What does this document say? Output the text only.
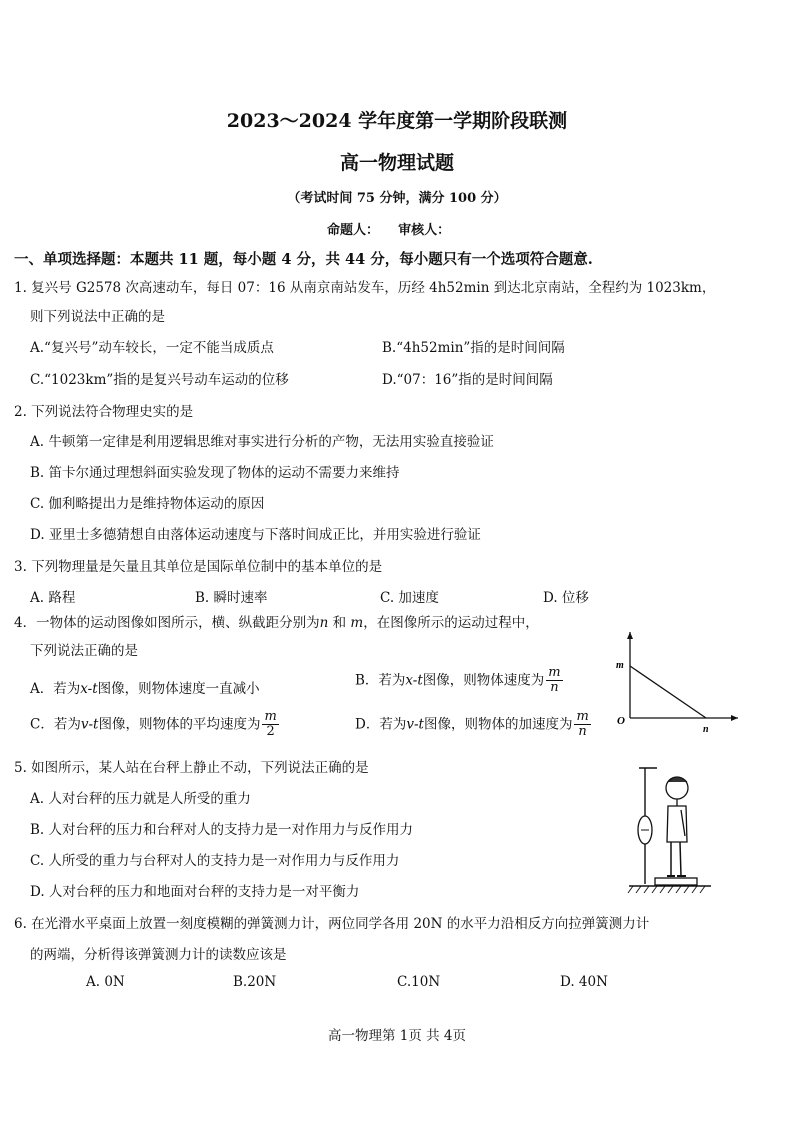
2023～2024 学年度第一学期阶段联测
高一物理试题
（考试时间 75 分钟，满分 100 分）
命题人： 审核人：
一、单项选择题：本题共 11 题，每小题 4 分，共 44 分，每小题只有一个选项符合题意.
1. 复兴号 G2578 次高速动车，每日 07：16 从南京南站发车，历经 4h52min 到达北京南站，全程约为 1023km，
则下列说法中正确的是
A.“复兴号”动车较长，一定不能当成质点	B.“4h52min”指的是时间间隔
C.“1023km”指的是复兴号动车运动的位移	D.“07：16”指的是时间间隔
2. 下列说法符合物理史实的是
A. 牛顿第一定律是利用逻辑思维对事实进行分析的产物，无法用实验直接验证
B. 笛卡尔通过理想斜面实验发现了物体的运动不需要力来维持
C. 伽利略提出力是维持物体运动的原因
D. 亚里士多德猜想自由落体运动速度与下落时间成正比，并用实验进行验证
3. 下列物理量是矢量且其单位是国际单位制中的基本单位的是
A. 路程	B. 瞬时速率	C. 加速度	D. 位移
4．一物体的运动图像如图所示，横、纵截距分别为n 和 m，在图像所示的运动过程中，
下列说法正确的是
A．若为x-t图像，则物体速度一直减小
B．若为x-t图像，则物体速度为 $\frac{m}{n}$
C．若为v-t图像，则物体的平均速度为 $\frac{m}{2}$	D．若为v-t图像，则物体的加速度为 $\frac{m}{n}$
m
n
O
5. 如图所示，某人站在台秤上静止不动，下列说法正确的是
A. 人对台秤的压力就是人所受的重力
B. 人对台秤的压力和台秤对人的支持力是一对作用力与反作用力
C. 人所受的重力与台秤对人的支持力是一对作用力与反作用力
D. 人对台秤的压力和地面对台秤的支持力是一对平衡力
6. 在光滑水平桌面上放置一刻度模糊的弹簧测力计，两位同学各用 20N 的水平力沿相反方向拉弹簧测力计
的两端，分析得该弹簧测力计的读数应该是
A. 0N	B.20N	C.10N	D. 40N
高一物理第 1页 共 4页
